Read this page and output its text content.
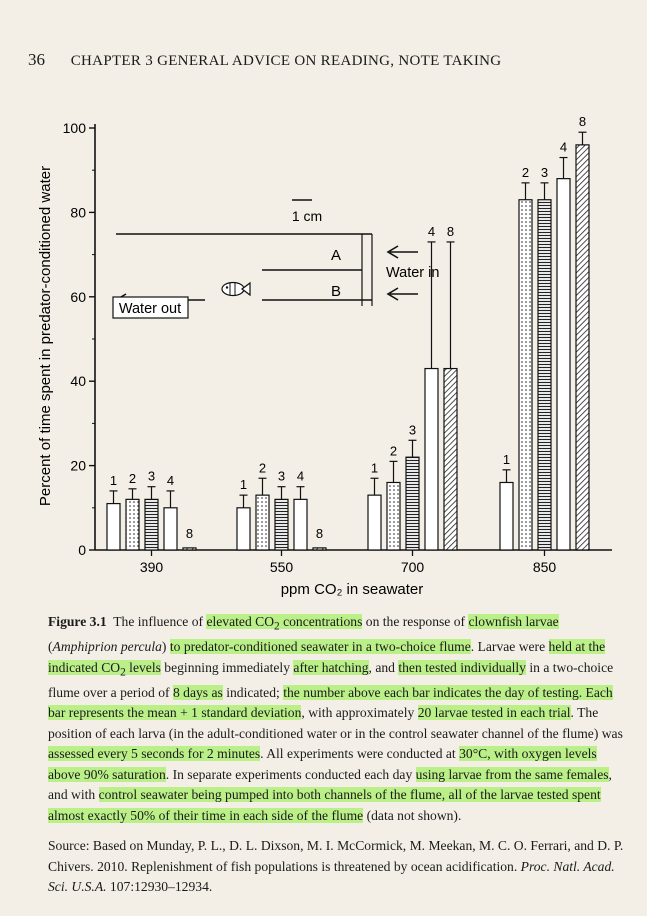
36 CHAPTER 3 GENERAL ADVICE ON READING, NOTE TAKING
0
20
40
60
80
100
390	550	700	850
ppm CO₂ in seawater
1 cm
A
B
Water in
Water out
1 2 3 4
8
1
2
3 4
8
1
2
3
4 8
1
2 3
4
8
Percent of time spent in predator-conditioned water

Figure 3.1 The influence of elevated $CO_2$ concentrations on the response of clownfish larvae (Amphiprion percula) to predator-conditioned seawater in a two-choice flume. Larvae were held at the indicated $CO_2$ levels beginning immediately after hatching, and then tested individually in a two-choice flume over a period of 8 days as indicated; the number above each bar indicates the day of testing. Each bar represents the mean + 1 standard deviation, with approximately 20 larvae tested in each trial. The position of each larva (in the adult-conditioned water or in the control seawater channel of the flume) was assessed every 5 seconds for 2 minutes. All experiments were conducted at 30°C, with oxygen levels above 90% saturation. In separate experiments conducted each day using larvae from the same females, and with control seawater being pumped into both channels of the flume, all of the larvae tested spent almost exactly 50% of their time in each side of the flume (data not shown).

Source: Based on Munday, P. L., D. L. Dixson, M. I. McCormick, M. Meekan, M. C. O. Ferrari, and D. P. Chivers. 2010. Replenishment of fish populations is threatened by ocean acidification. Proc. Natl. Acad. Sci. U.S.A. 107:12930–12934.
